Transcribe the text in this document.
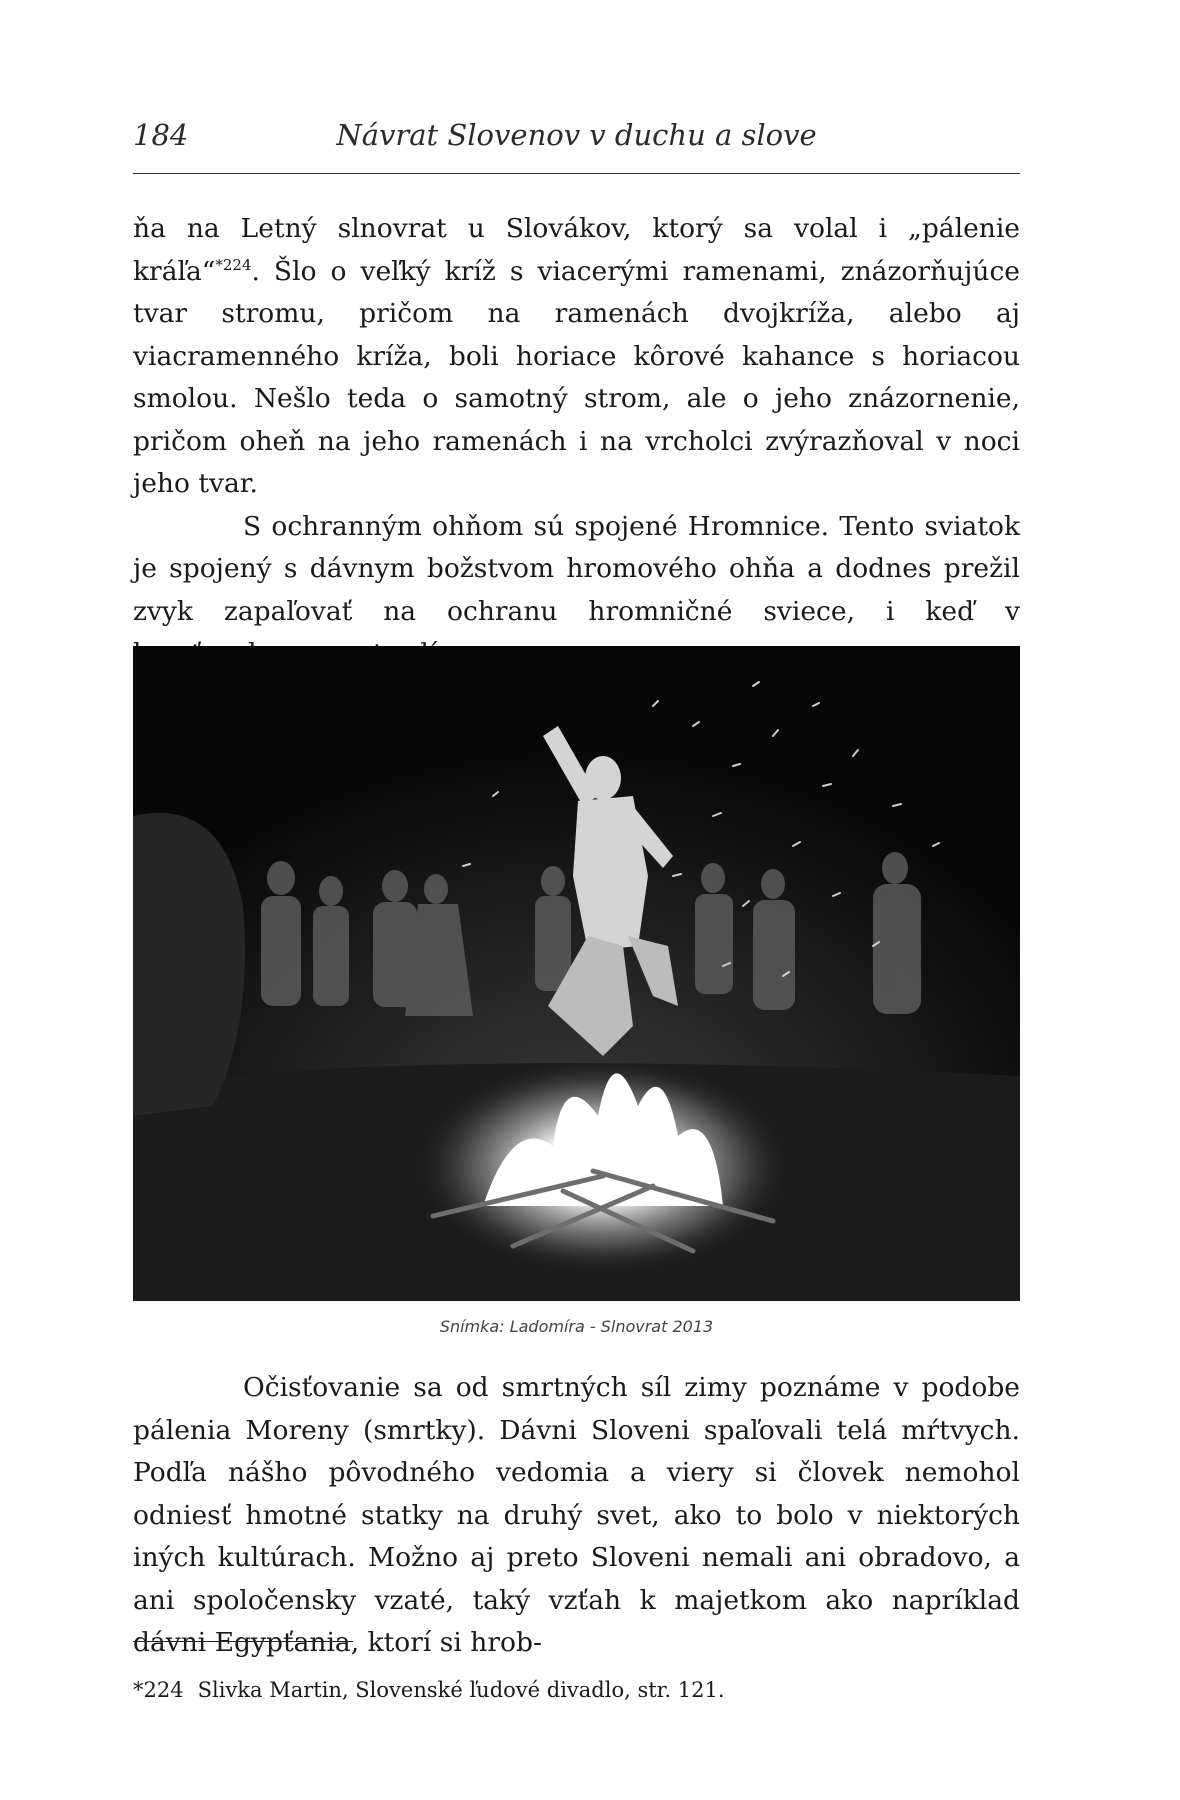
184	Návrat Slovenov v duchu a slove

ňa na Letný slnovrat u Slovákov, ktorý sa volal i „pálenie kráľa“$^{*224}$. Šlo o veľký kríž s viacerými ramenami, znázorňujúce tvar stromu, pričom na ramenách dvojkríža, alebo aj viacramenného kríža, boli horiace kôrové kahance s horiacou smolou. Nešlo teda o samotný strom, ale o jeho znázornenie, pričom oheň na jeho ramenách i na vrcholci zvýrazňoval v noci jeho tvar.

S ochranným ohňom sú spojené Hromnice. Tento sviatok je spojený s dávnym božstvom hromového ohňa a dodnes prežil zvyk zapaľovať na ochranu hromničné sviece, i keď v

Snímka: Ladomíra - Slnovrat 2013

Očisťovanie sa od smrtných síl zimy poznáme v podobe pálenia Moreny (smrtky). Dávni Sloveni spaľovali telá mŕtvych. Podľa nášho pôvodného vedomia a viery si človek nemohol odniesť hmotné statky na druhý svet, ako to bolo v niektorých iných kultúrach. Možno aj preto Sloveni nemali ani obradovo, a ani spoločensky vzaté, taký vzťah k majetkom ako napríklad dávni Egypťania, ktorí si hrob-

*224 Slivka Martin, Slovenské ľudové divadlo, str. 121.
